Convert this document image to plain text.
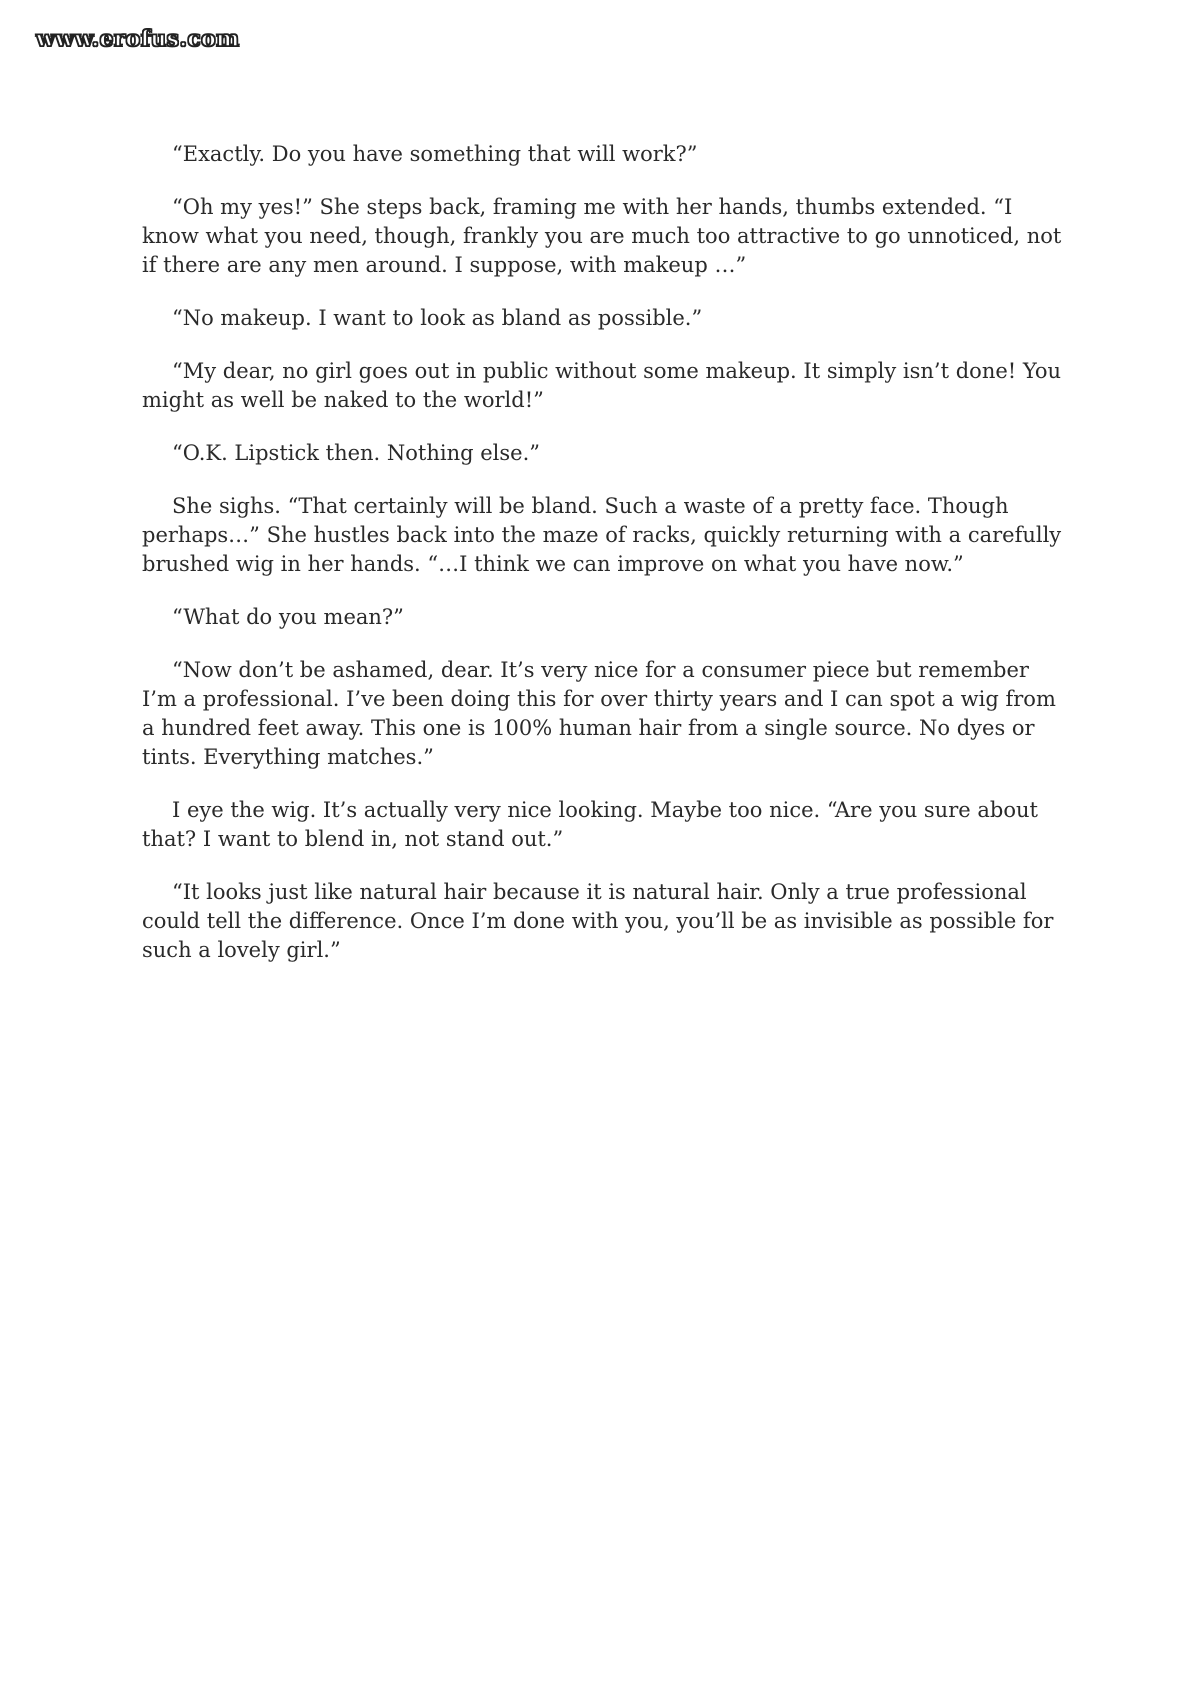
www.erofus.com

“Exactly. Do you have something that will work?”

“Oh my yes!” She steps back, framing me with her hands, thumbs extended. “I know what you need, though, frankly you are much too attractive to go unnoticed, not if there are any men around. I suppose, with makeup …”

“No makeup. I want to look as bland as possible.”

“My dear, no girl goes out in public without some makeup. It simply isn’t done! You might as well be naked to the world!”

“O.K. Lipstick then. Nothing else.”

She sighs. “That certainly will be bland. Such a waste of a pretty face. Though perhaps…” She hustles back into the maze of racks, quickly returning with a carefully brushed wig in her hands. “…I think we can improve on what you have now.”

“What do you mean?”

“Now don’t be ashamed, dear. It’s very nice for a consumer piece but remember I’m a professional. I’ve been doing this for over thirty years and I can spot a wig from a hundred feet away. This one is 100% human hair from a single source. No dyes or tints. Everything matches.”

I eye the wig. It’s actually very nice looking. Maybe too nice. “Are you sure about that? I want to blend in, not stand out.”

“It looks just like natural hair because it is natural hair. Only a true professional could tell the difference. Once I’m done with you, you’ll be as invisible as possible for such a lovely girl.”
